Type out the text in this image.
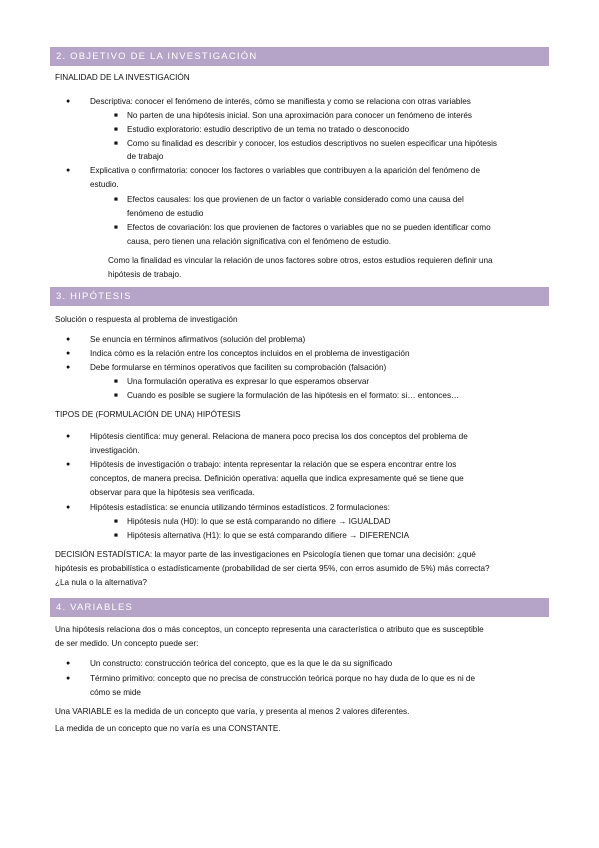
2. OBJETIVO DE LA INVESTIGACIÓN
FINALIDAD DE LA INVESTIGACIÓN
● Descriptiva: conocer el fenómeno de interés, cómo se manifiesta y como se relaciona con otras variables
■ No parten de una hipótesis inicial. Son una aproximación para conocer un fenómeno de interés
■ Estudio exploratorio: estudio descriptivo de un tema no tratado o desconocido
■ Como su finalidad es describir y conocer, los estudios descriptivos no suelen especificar una hipótesis
de trabajo
● Explicativa o confirmatoria: conocer los factores o variables que contribuyen a la aparición del fenómeno de
estudio.
■ Efectos causales: los que provienen de un factor o variable considerado como una causa del
fenómeno de estudio
■ Efectos de covariación: los que provienen de factores o variables que no se pueden identificar como
causa, pero tienen una relación significativa con el fenómeno de estudio.
Como la finalidad es vincular la relación de unos factores sobre otros, estos estudios requieren definir una
hipótesis de trabajo.
3. HIPÓTESIS
Solución o respuesta al problema de investigación
● Se enuncia en términos afirmativos (solución del problema)
● Indica cómo es la relación entre los conceptos incluidos en el problema de investigación
● Debe formularse en términos operativos que faciliten su comprobación (falsación)
■ Una formulación operativa es expresar lo que esperamos observar
■ Cuando es posible se sugiere la formulación de las hipótesis en el formato: si… entonces…
TIPOS DE (FORMULACIÓN DE UNA) HIPÓTESIS
● Hipótesis científica: muy general. Relaciona de manera poco precisa los dos conceptos del problema de
investigación.
● Hipótesis de investigación o trabajo: intenta representar la relación que se espera encontrar entre los
conceptos, de manera precisa. Definición operativa: aquella que indica expresamente qué se tiene que
observar para que la hipótesis sea verificada.
● Hipótesis estadística: se enuncia utilizando términos estadísticos. 2 formulaciones:
■ Hipótesis nula (H0): lo que se está comparando no difiere → IGUALDAD
■ Hipótesis alternativa (H1): lo que se está comparando difiere → DIFERENCIA
DECISIÓN ESTADÍSTICA: la mayor parte de las investigaciones en Psicología tienen que tomar una decisión: ¿qué
hipótesis es probabilística o estadísticamente (probabilidad de ser cierta 95%, con erros asumido de 5%) más correcta?
¿La nula o la alternativa?
4. VARIABLES
Una hipótesis relaciona dos o más conceptos, un concepto representa una característica o atributo que es susceptible
de ser medido. Un concepto puede ser:
● Un constructo: construcción teórica del concepto, que es la que le da su significado
● Término primitivo: concepto que no precisa de construcción teórica porque no hay duda de lo que es ni de
cómo se mide
Una VARIABLE es la medida de un concepto que varía, y presenta al menos 2 valores diferentes.
La medida de un concepto que no varía es una CONSTANTE.
